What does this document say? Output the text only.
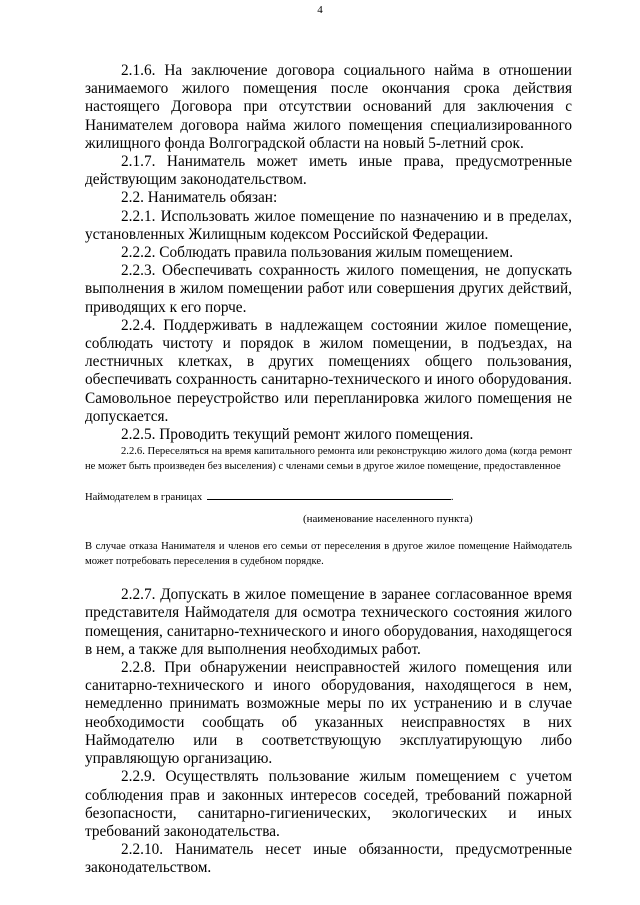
4

2.1.6. На заключение договора социального найма в отношении занимаемого жилого помещения после окончания срока действия настоящего Договора при отсутствии оснований для заключения с Нанимателем договора найма жилого помещения специализированного жилищного фонда Волгоградской области на новый 5-летний срок.

2.1.7. Наниматель может иметь иные права, предусмотренные действующим законодательством.

2.2. Наниматель обязан:

2.2.1. Использовать жилое помещение по назначению и в пределах, установленных Жилищным кодексом Российской Федерации.

2.2.2. Соблюдать правила пользования жилым помещением.

2.2.3. Обеспечивать сохранность жилого помещения, не допускать выполнения в жилом помещении работ или совершения других действий, приводящих к его порче.

2.2.4. Поддерживать в надлежащем состоянии жилое помещение, соблюдать чистоту и порядок в жилом помещении, в подъездах, на лестничных клетках, в других помещениях общего пользования, обеспечивать сохранность санитарно-технического и иного оборудования. Самовольное переустройство или перепланировка жилого помещения не допускается.

2.2.5. Проводить текущий ремонт жилого помещения.

2.2.6. Переселяться на время капитального ремонта или реконструкцию жилого дома (когда ремонт не может быть произведен без выселения) с членами семьи в другое жилое помещение, предоставленное

Наймодателем в границах	.

(наименование населенного пункта)

В случае отказа Нанимателя и членов его семьи от переселения в другое жилое помещение Наймодатель может потребовать переселения в судебном порядке.

2.2.7. Допускать в жилое помещение в заранее согласованное время представителя Наймодателя для осмотра технического состояния жилого помещения, санитарно-технического и иного оборудования, находящегося в нем, а также для выполнения необходимых работ.

2.2.8. При обнаружении неисправностей жилого помещения или санитарно-технического и иного оборудования, находящегося в нем, немедленно принимать возможные меры по их устранению и в случае необходимости сообщать об указанных неисправностях в них Наймодателю или в соответствующую эксплуатирующую либо управляющую организацию.

2.2.9. Осуществлять пользование жилым помещением с учетом соблюдения прав и законных интересов соседей, требований пожарной безопасности, санитарно-гигиенических, экологических и иных требований законодательства.

2.2.10. Наниматель несет иные обязанности, предусмотренные законодательством.
